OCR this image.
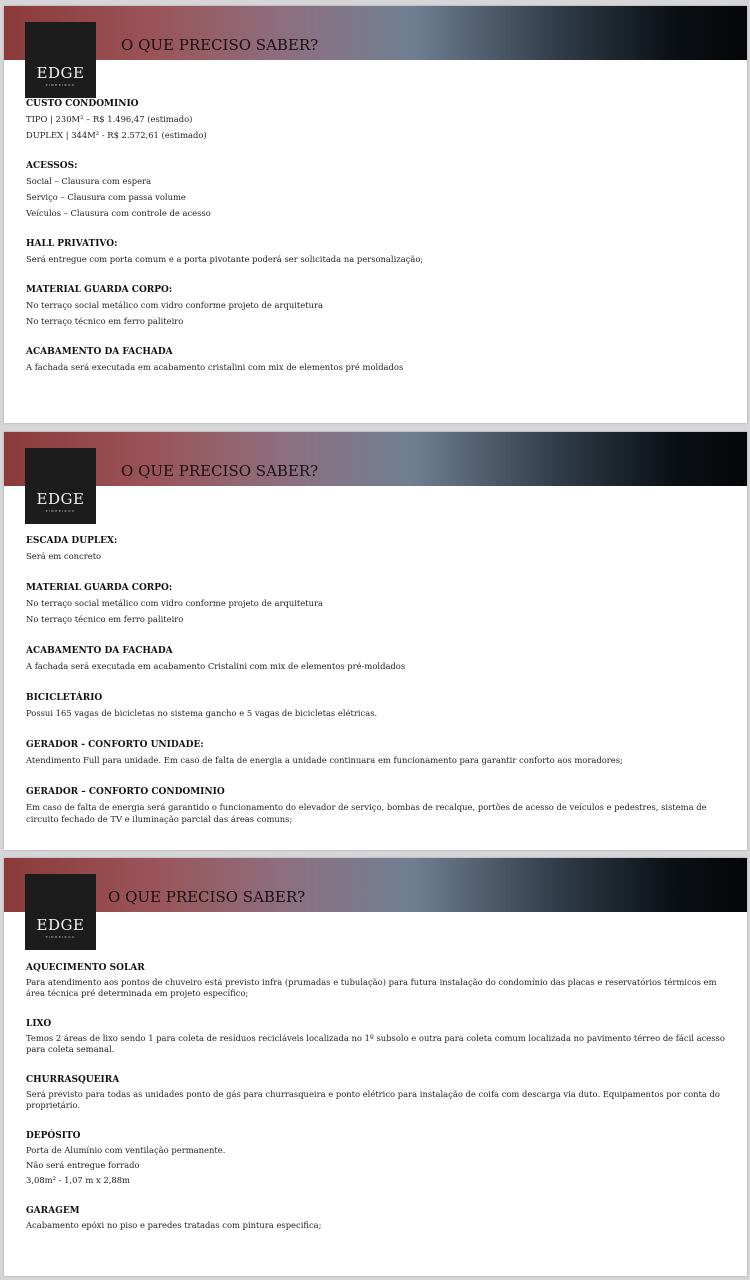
EDGE
PINHEIROS
O QUE PRECISO SABER?
CUSTO CONDOMINIO

TIPO | 230M² – R$ 1.496,47 (estimado)

DUPLEX | 344M² - R$ 2.572,61 (estimado)

ACESSOS:

Social – Clausura com espera

Serviço – Clausura com passa volume

Veículos – Clausura com controle de acesso

HALL PRIVATIVO:

Será entregue com porta comum e a porta pivotante poderá ser solicitada na personalização;

MATERIAL GUARDA CORPO:

No terraço social metálico com vidro conforme projeto de arquitetura

No terraço técnico em ferro paliteiro

ACABAMENTO DA FACHADA

A fachada será executada em acabamento cristalini com mix de elementos pré moldados

EDGE
PINHEIROS
O QUE PRECISO SABER?
ESCADA DUPLEX:

Será em concreto

MATERIAL GUARDA CORPO:

No terraço social metálico com vidro conforme projeto de arquitetura

No terraço técnico em ferro paliteiro

ACABAMENTO DA FACHADA

A fachada será executada em acabamento Cristalini com mix de elementos pré-moldados

BICICLETÁRIO

Possui 165 vagas de bicicletas no sistema gancho e 5 vagas de bicicletas elétricas.

GERADOR - CONFORTO UNIDADE:

Atendimento Full para unidade. Em caso de falta de energia a unidade continuara em funcionamento para garantir conforto aos moradores;

GERADOR – CONFORTO CONDOMINIO

Em caso de falta de energia será garantido o funcionamento do elevador de serviço, bombas de recalque, portões de acesso de veículos e pedestres, sistema de circuito fechado de TV e iluminação parcial das áreas comuns;

EDGE
PINHEIROS
O QUE PRECISO SABER?
AQUECIMENTO SOLAR

Para atendimento aos pontos de chuveiro está previsto infra (prumadas e tubulação) para futura instalação do condomínio das placas e reservatórios térmicos em área técnica pré determinada em projeto específico;

LIXO

Temos 2 áreas de lixo sendo 1 para coleta de resíduos recicláveis localizada no 1º subsolo e outra para coleta comum localizada no pavimento térreo de fácil acesso para coleta semanal.

CHURRASQUEIRA

Será previsto para todas as unidades ponto de gás para churrasqueira e ponto elétrico para instalação de coifa com descarga via duto. Equipamentos por conta do proprietário.

DEPÓSITO

Porta de Alumínio com ventilação permanente.

Não será entregue forrado

3,08m² - 1,07 m x 2,88m

GARAGEM

Acabamento epóxi no piso e paredes tratadas com pintura especifica;
